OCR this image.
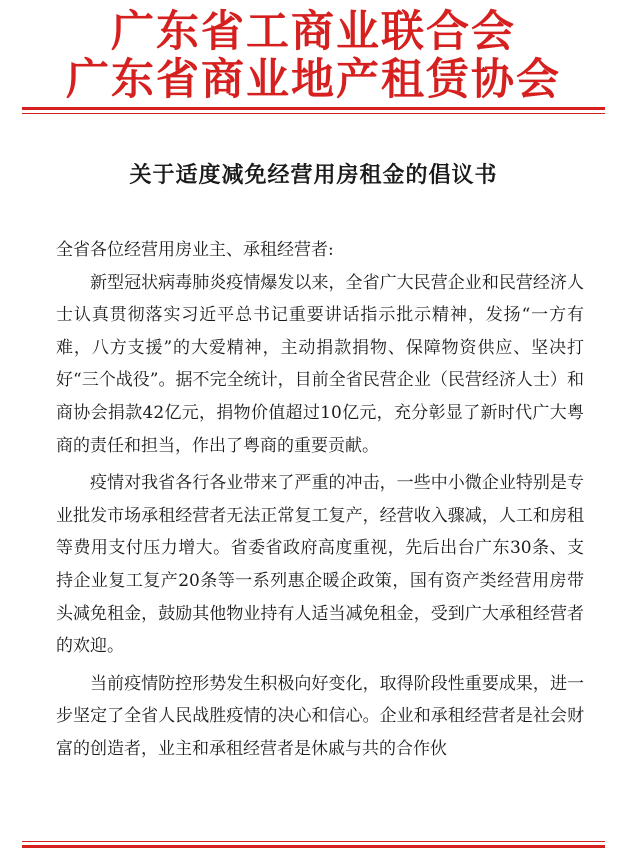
广东省工商业联合会
广东省商业地产租赁协会
关于适度减免经营用房租金的倡议书

全省各位经营用房业主、承租经营者:

新型冠状病毒肺炎疫情爆发以来，全省广大民营企业和民营经济人士认真贯彻落实习近平总书记重要讲话指示批示精神，发扬“一方有难，八方支援”的大爱精神，主动捐款捐物、保障物资供应、坚决打好“三个战役”。据不完全统计，目前全省民营企业（民营经济人士）和商协会捐款42亿元，捐物价值超过10亿元，充分彰显了新时代广大粤商的责任和担当，作出了粤商的重要贡献。

疫情对我省各行各业带来了严重的冲击，一些中小微企业特别是专业批发市场承租经营者无法正常复工复产，经营收入骤减，人工和房租等费用支付压力增大。省委省政府高度重视，先后出台广东30条、支持企业复工复产20条等一系列惠企暖企政策，国有资产类经营用房带头减免租金，鼓励其他物业持有人适当减免租金，受到广大承租经营者的欢迎。

当前疫情防控形势发生积极向好变化，取得阶段性重要成果，进一步坚定了全省人民战胜疫情的决心和信心。企业和承租经营者是社会财富的创造者，业主和承租经营者是休戚与共的合作伙
